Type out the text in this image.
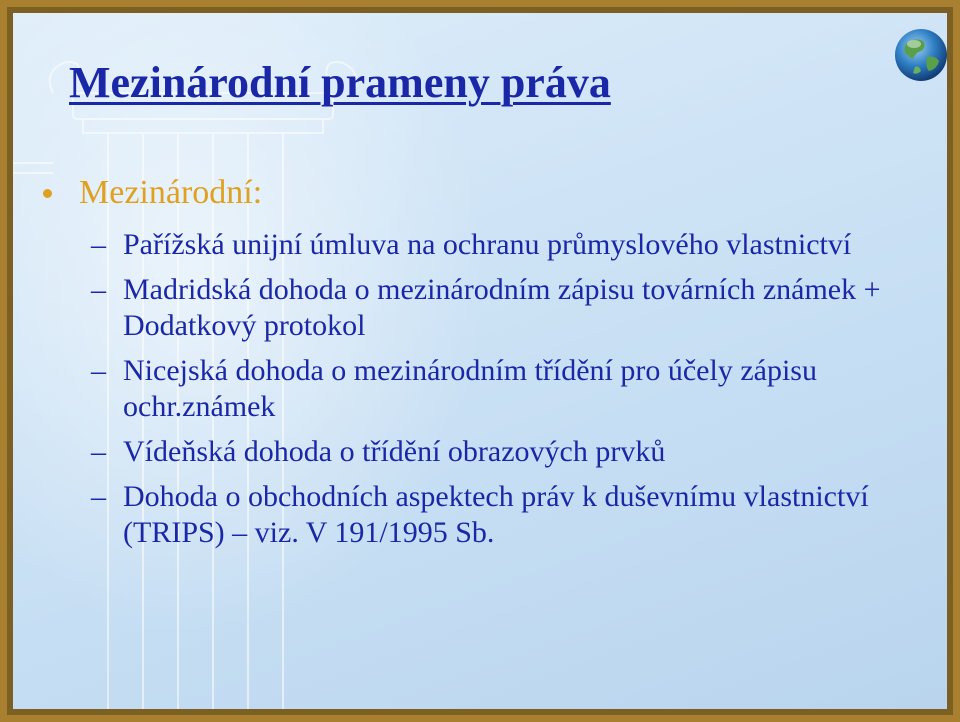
Mezinárodní prameny práva
Mezinárodní:
– Pařížská unijní úmluva na ochranu průmyslového vlastnictví
– Madridská dohoda o mezinárodním zápisu továrních známek + Dodatkový protokol
– Nicejská dohoda o mezinárodním třídění pro účely zápisu ochr.známek
– Vídeňská dohoda o třídění obrazových prvků
– Dohoda o obchodních aspektech práv k duševnímu vlastnictví (TRIPS) – viz. V 191/1995 Sb.
